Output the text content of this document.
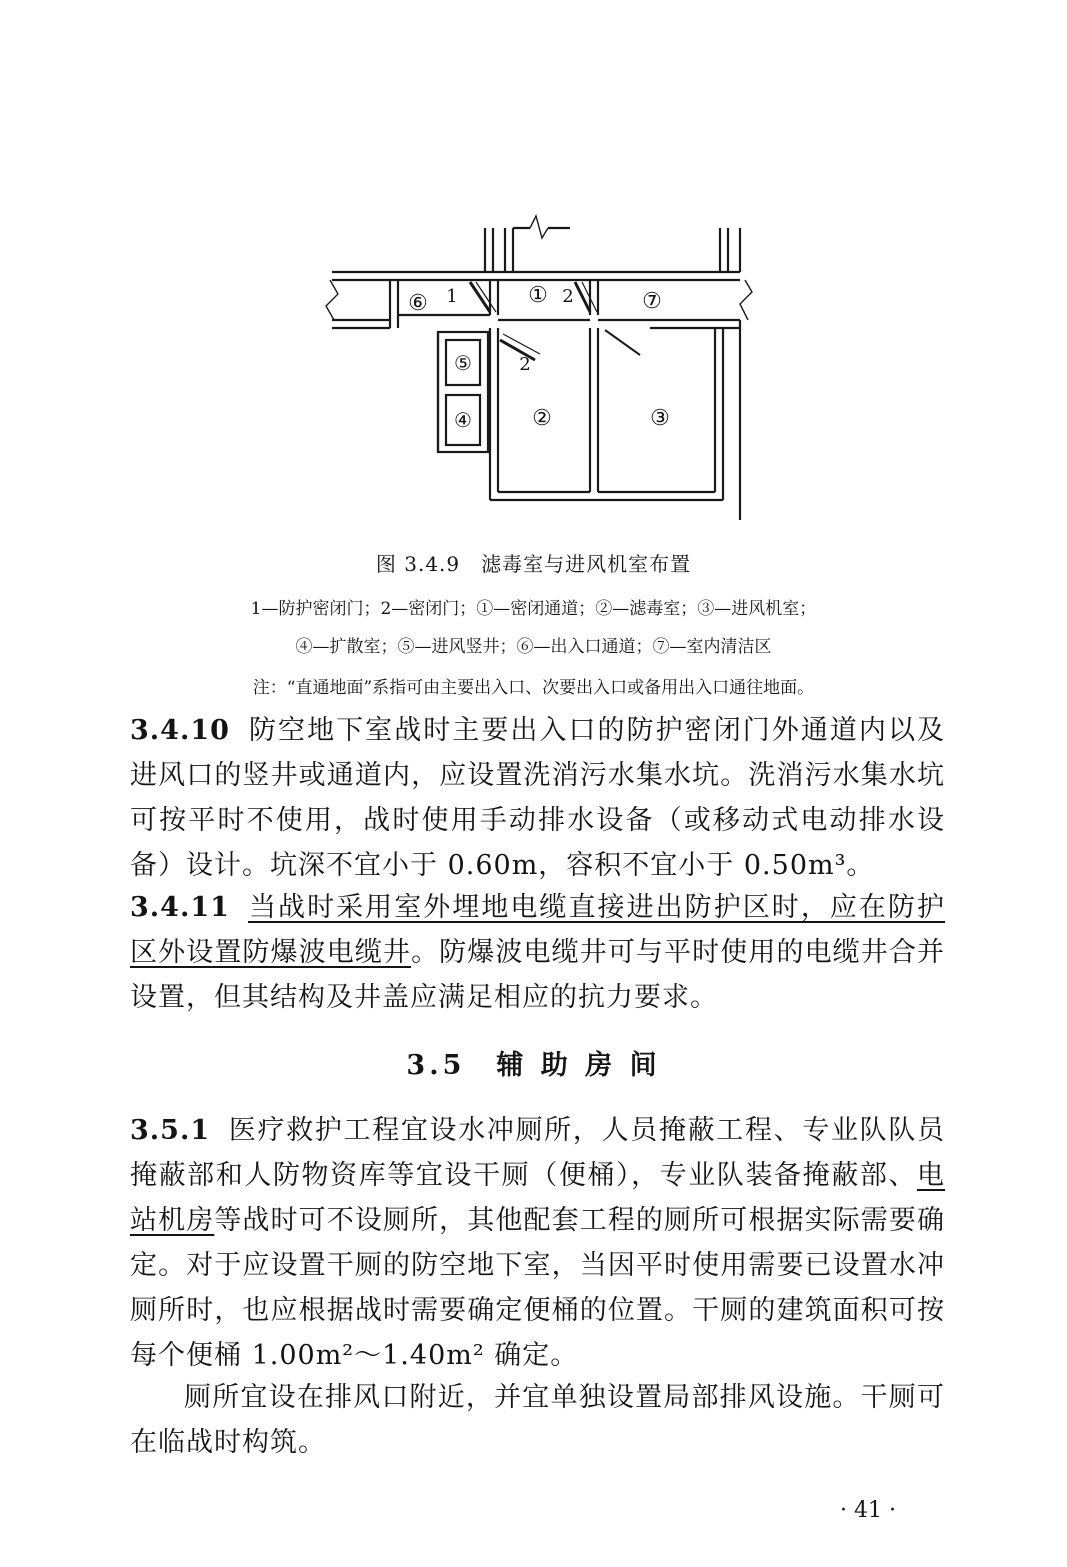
⑥ 1	① 2	⑦
2
⑤
④	②	③
图 3.4.9　滤毒室与进风机室布置
1—防护密闭门；2—密闭门；①—密闭通道；②—滤毒室；③—进风机室；
④—扩散室；⑤—进风竖井；⑥—出入口通道；⑦—室内清洁区
注：“直通地面”系指可由主要出入口、次要出入口或备用出入口通往地面。
3.4.10 防空地下室战时主要出入口的防护密闭门外通道内以及进风口的竖井或通道内，应设置洗消污水集水坑。洗消污水集水坑可按平时不使用，战时使用手动排水设备（或移动式电动排水设备）设计。坑深不宜小于 0.60m，容积不宜小于 0.50m³。
3.4.11 当战时采用室外埋地电缆直接进出防护区时，应在防护区外设置防爆波电缆井。防爆波电缆井可与平时使用的电缆井合并设置，但其结构及井盖应满足相应的抗力要求。
3.5　辅 助 房 间
3.5.1 医疗救护工程宜设水冲厕所，人员掩蔽工程、专业队队员掩蔽部和人防物资库等宜设干厕（便桶），专业队装备掩蔽部、电站机房等战时可不设厕所，其他配套工程的厕所可根据实际需要确定。对于应设置干厕的防空地下室，当因平时使用需要已设置水冲厕所时，也应根据战时需要确定便桶的位置。干厕的建筑面积可按每个便桶 1.00m²～1.40m² 确定。
厕所宜设在排风口附近，并宜单独设置局部排风设施。干厕可在临战时构筑。
· 41 ·
